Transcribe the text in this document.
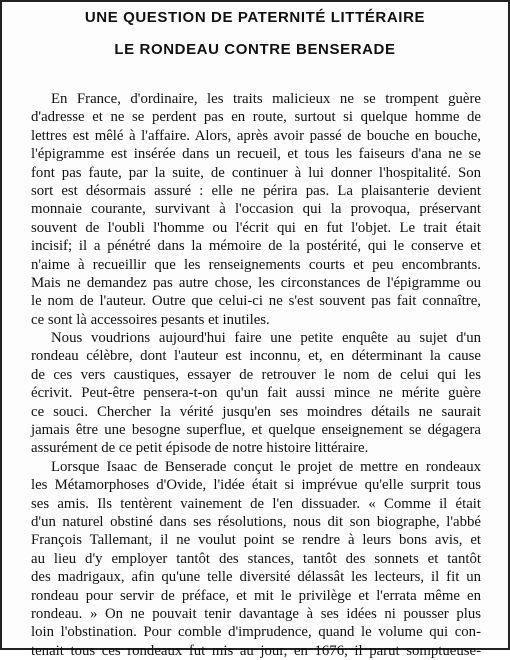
UNE QUESTION DE PATERNITÉ LITTÉRAIRE
LE RONDEAU CONTRE BENSERADE
En France, d'ordinaire, les traits malicieux ne se trompent guère
d'adresse et ne se perdent pas en route, surtout si quelque homme de
lettres est mêlé à l'affaire. Alors, après avoir passé de bouche en bouche,
l'épigramme est insérée dans un recueil, et tous les faiseurs d'ana ne se
font pas faute, par la suite, de continuer à lui donner l'hospitalité. Son
sort est désormais assuré : elle ne périra pas. La plaisanterie devient
monnaie courante, survivant à l'occasion qui la provoqua, préservant
souvent de l'oubli l'homme ou l'écrit qui en fut l'objet. Le trait était
incisif; il a pénétré dans la mémoire de la postérité, qui le conserve et
n'aime à recueillir que les renseignements courts et peu encombrants.
Mais ne demandez pas autre chose, les circonstances de l'épigramme ou
le nom de l'auteur. Outre que celui-ci ne s'est souvent pas fait connaître,
ce sont là accessoires pesants et inutiles.
Nous voudrions aujourd'hui faire une petite enquête au sujet d'un
rondeau célèbre, dont l'auteur est inconnu, et, en déterminant la cause
de ces vers caustiques, essayer de retrouver le nom de celui qui les
écrivit. Peut-être pensera-t-on qu'un fait aussi mince ne mérite guère
ce souci. Chercher la vérité jusqu'en ses moindres détails ne saurait
jamais être une besogne superflue, et quelque enseignement se dégagera
assurément de ce petit épisode de notre histoire littéraire.
Lorsque Isaac de Benserade conçut le projet de mettre en rondeaux
les Métamorphoses d'Ovide, l'idée était si imprévue qu'elle surprit tous
ses amis. Ils tentèrent vainement de l'en dissuader. « Comme il était
d'un naturel obstiné dans ses résolutions, nous dit son biographe, l'abbé
François Tallemant, il ne voulut point se rendre à leurs bons avis, et
au lieu d'y employer tantôt des stances, tantôt des sonnets et tantôt
des madrigaux, afin qu'une telle diversité délassât les lecteurs, il fit un
rondeau pour servir de préface, et mit le privilège et l'errata même en
rondeau. » On ne pouvait tenir davantage à ses idées ni pousser plus
loin l'obstination. Pour comble d'imprudence, quand le volume qui con-
tenait tous ces rondeaux fut mis au jour, en 1676, il parut somptueuse-
